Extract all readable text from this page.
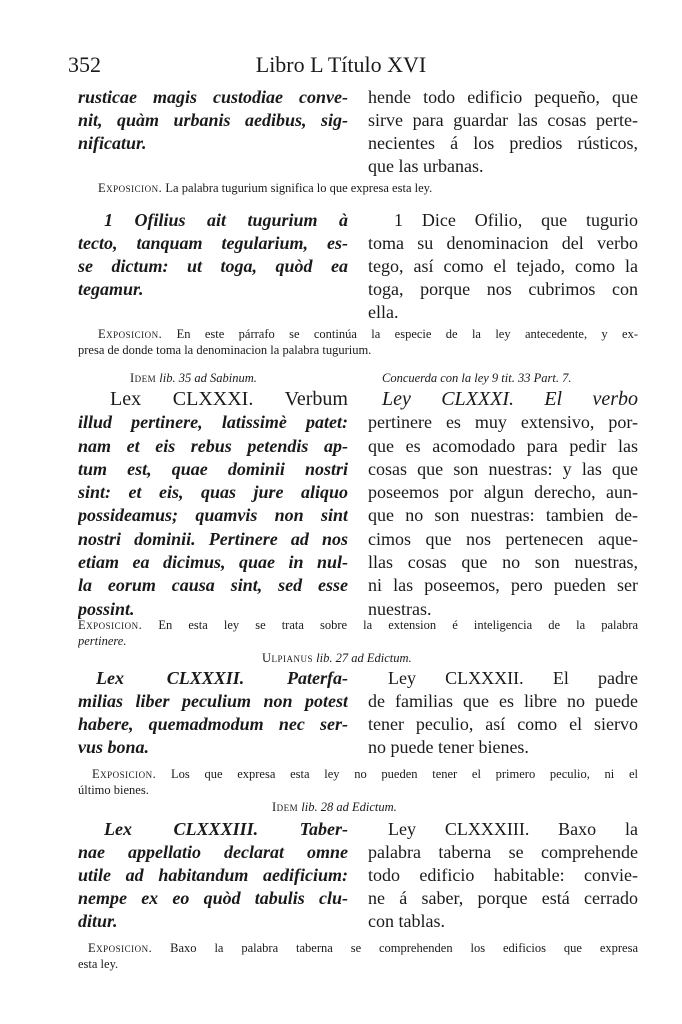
352	Libro L Título XVI
rusticae magis custodiae conve-
nit, quàm urbanis aedibus, sig-
nificatur.
hende todo edificio pequeño, que
sirve para guardar las cosas perte-
necientes á los predios rústicos,
que las urbanas.
Exposicion. La palabra tugurium significa lo que expresa esta ley.
1 Ofilius ait tugurium à
tecto, tanquam tegularium, es-
se dictum: ut toga, quòd ea
tegamur.
1 Dice Ofilio, que tugurio
toma su denominacion del verbo
tego, así como el tejado, como la
toga, porque nos cubrimos con
ella.
Exposicion. En este párrafo se continúa la especie de la ley antecedente, y ex-
presa de donde toma la denominacion la palabra tugurium.
Idem lib. 35 ad Sabinum.	Concuerda con la ley 9 tit. 33 Part. 7.
Lex CLXXXI. Verbum
illud pertinere, latissimè patet:
nam et eis rebus petendis ap-
tum est, quae dominii nostri
sint: et eis, quas jure aliquo
possideamus; quamvis non sint
nostri dominii. Pertinere ad nos
etiam ea dicimus, quae in nul-
la eorum causa sint, sed esse
possint.
Ley CLXXXI. El verbo
pertinere es muy extensivo, por-
que es acomodado para pedir las
cosas que son nuestras: y las que
poseemos por algun derecho, aun-
que no son nuestras: tambien de-
cimos que nos pertenecen aque-
llas cosas que no son nuestras,
ni las poseemos, pero pueden ser
nuestras.
Exposicion. En esta ley se trata sobre la extension é inteligencia de la palabra
pertinere.
Ulpianus lib. 27 ad Edictum.
Lex CLXXXII. Paterfa-
milias liber peculium non potest
habere, quemadmodum nec ser-
vus bona.
Ley CLXXXII. El padre
de familias que es libre no puede
tener peculio, así como el siervo
no puede tener bienes.
Exposicion. Los que expresa esta ley no pueden tener el primero peculio, ni el
último bienes.
Idem lib. 28 ad Edictum.
Lex CLXXXIII. Taber-
nae appellatio declarat omne
utile ad habitandum aedificium:
nempe ex eo quòd tabulis clu-
ditur.
Ley CLXXXIII. Baxo la
palabra taberna se comprehende
todo edificio habitable: convie-
ne á saber, porque está cerrado
con tablas.
Exposicion. Baxo la palabra taberna se comprehenden los edificios que expresa
esta ley.
